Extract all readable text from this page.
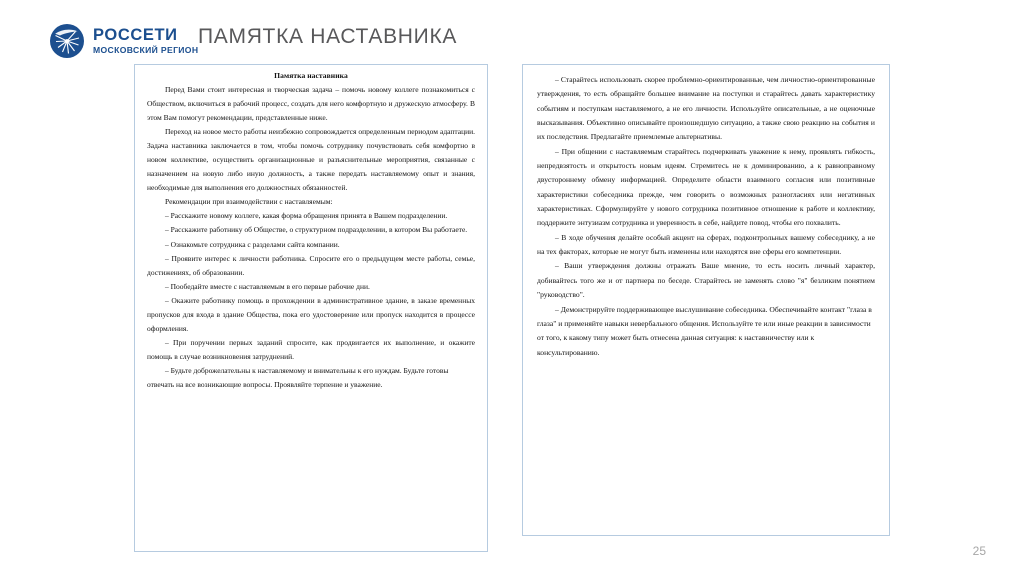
РОССЕТИ
МОСКОВСКИЙ РЕГИОН
ПАМЯТКА НАСТАВНИКА
Памятка наставника

Перед Вами стоит интересная и творческая задача – помочь новому коллеге познакомиться с Обществом, включиться в рабочий процесс, создать для него комфортную и дружескую атмосферу. В этом Вам помогут рекомендации, представленные ниже.

Переход на новое место работы неизбежно сопровождается определенным периодом адаптации. Задача наставника заключается в том, чтобы помочь сотруднику почувствовать себя комфортно в новом коллективе, осуществить организационные и разъяснительные мероприятия, связанные с назначением на новую либо иную должность, а также передать наставляемому опыт и знания, необходимые для выполнения его должностных обязанностей.

Рекомендации при взаимодействии с наставляемым:

– Расскажите новому коллеге, какая форма обращения принята в Вашем подразделении.

– Расскажите работнику об Обществе, о структурном подразделении, в котором Вы работаете.

– Ознакомьте сотрудника с разделами сайта компании.

– Проявите интерес к личности работника. Спросите его о предыдущем месте работы, семье, достижениях, об образовании.

– Пообедайте вместе с наставляемым в его первые рабочие дни.

– Окажите работнику помощь в прохождении в административное здание, в заказе временных пропусков для входа в здание Общества, пока его удостоверение или пропуск находится в процессе оформления.

– При поручении первых заданий спросите, как продвигается их выполнение, и окажите помощь в случае возникновения затруднений.

– Будьте доброжелательны к наставляемому и внимательны к его нуждам. Будьте готовы отвечать на все возникающие вопросы. Проявляйте терпение и уважение.

– Старайтесь использовать скорее проблемно-ориентированные, чем личностно-ориентированные утверждения, то есть обращайте большее внимание на поступки и старайтесь давать характеристику событиям и поступкам наставляемого, а не его личности. Используйте описательные, а не оценочные высказывания. Объективно описывайте произошедшую ситуацию, а также свою реакцию на события и их последствия. Предлагайте приемлемые альтернативы.

– При общении с наставляемым старайтесь подчеркивать уважение к нему, проявлять гибкость, непредвзятость и открытость новым идеям. Стремитесь не к доминированию, а к равноправному двустороннему обмену информацией. Определите области взаимного согласия или позитивные характеристики собеседника прежде, чем говорить о возможных разногласиях или негативных характеристиках. Сформулируйте у нового сотрудника позитивное отношение к работе и коллективу, поддержите энтузиазм сотрудника и уверенность в себе, найдите повод, чтобы его похвалить.

– В ходе обучения делайте особый акцент на сферах, подконтрольных вашему собеседнику, а не на тех факторах, которые не могут быть изменены или находятся вне сферы его компетенции.

– Ваши утверждения должны отражать Ваше мнение, то есть носить личный характер, добивайтесь того же и от партнера по беседе. Старайтесь не заменять слово "я" безликим понятием "руководство".

– Демонстрируйте поддерживающее выслушивание собеседника. Обеспечивайте контакт "глаза в глаза" и применяйте навыки невербального общения. Используйте те или иные реакции в зависимости от того, к какому типу может быть отнесена данная ситуация: к наставничеству или к консультированию.

25
